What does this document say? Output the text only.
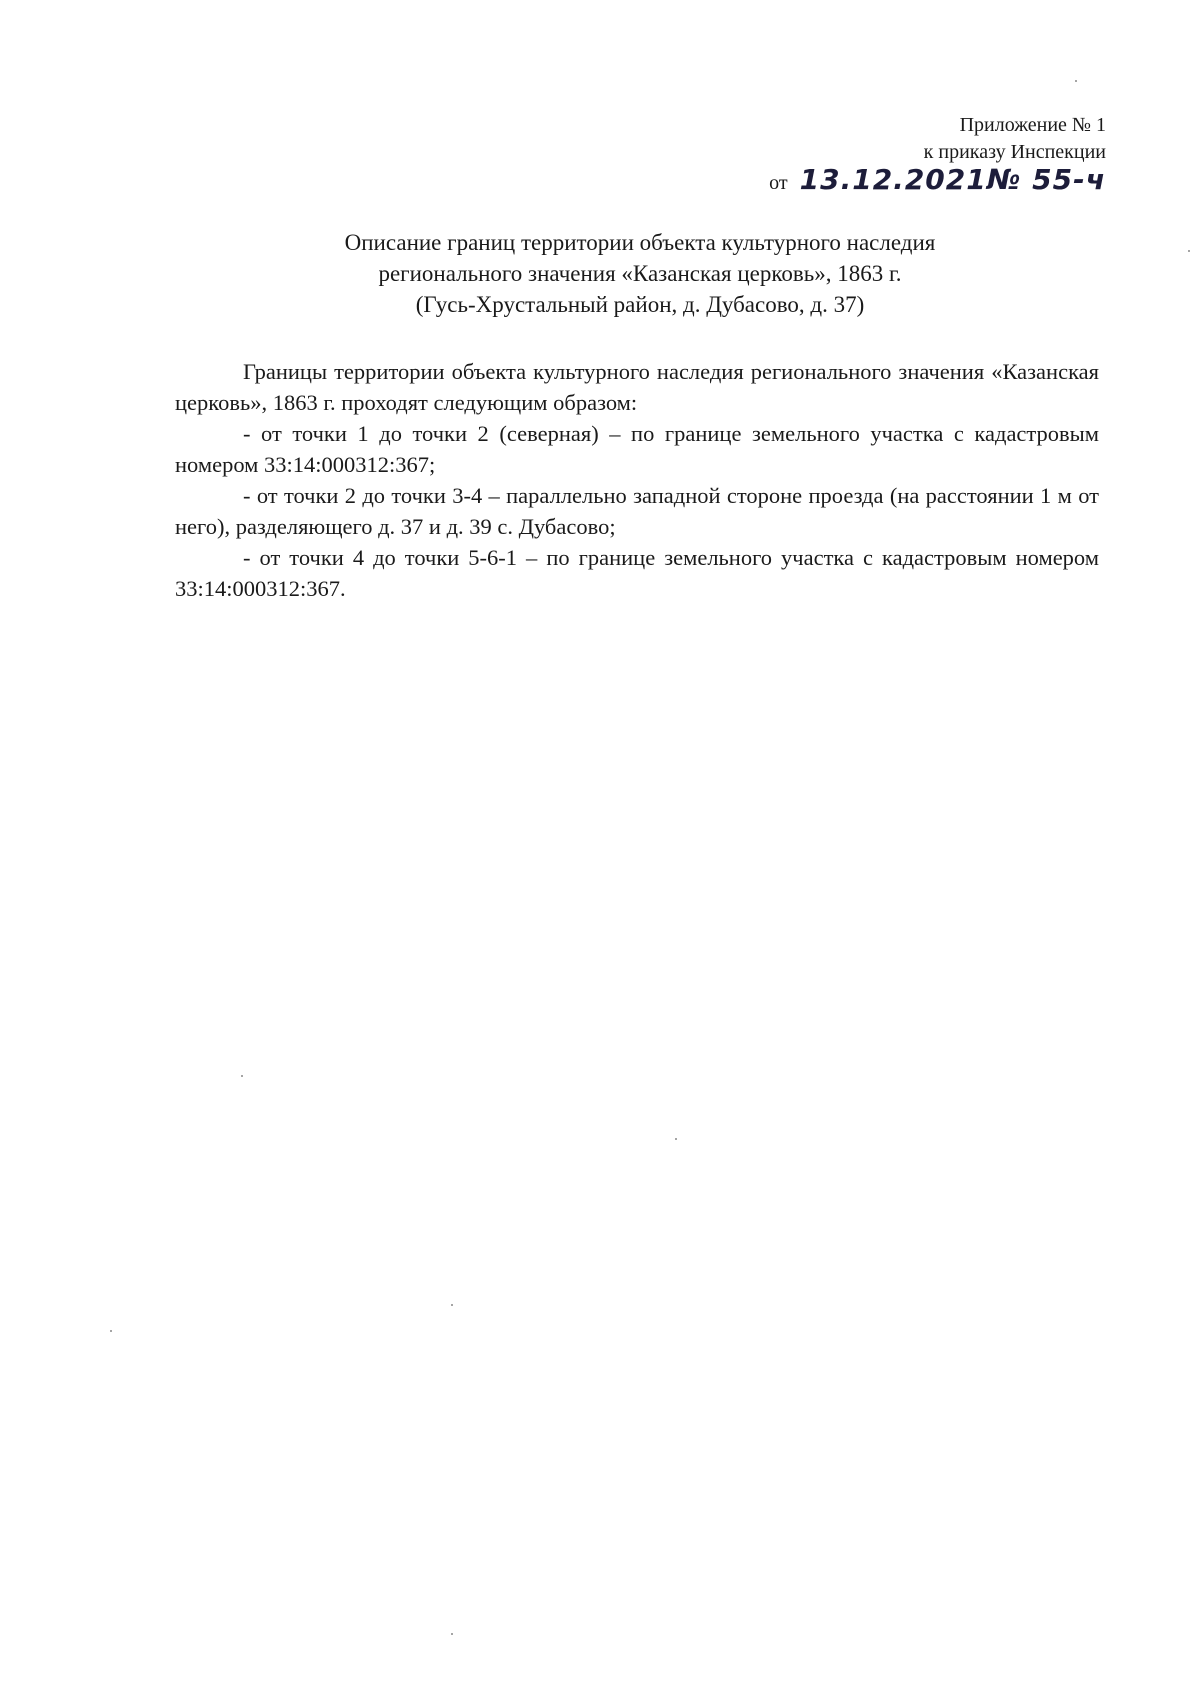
Приложение № 1
к приказу Инспекции
от 13.12.2021№ 55-ч
Описание границ территории объекта культурного наследия
регионального значения «Казанская церковь», 1863 г.
(Гусь-Хрустальный район, д. Дубасово, д. 37)

Границы территории объекта культурного наследия регионального значения «Казанская церковь», 1863 г. проходят следующим образом:

- от точки 1 до точки 2 (северная) – по границе земельного участка с кадастровым номером 33:14:000312:367;

- от точки 2 до точки 3-4 – параллельно западной стороне проезда (на расстоянии 1 м от него), разделяющего д. 37 и д. 39 с. Дубасово;

- от точки 4 до точки 5-6-1 – по границе земельного участка с кадастровым номером 33:14:000312:367.
